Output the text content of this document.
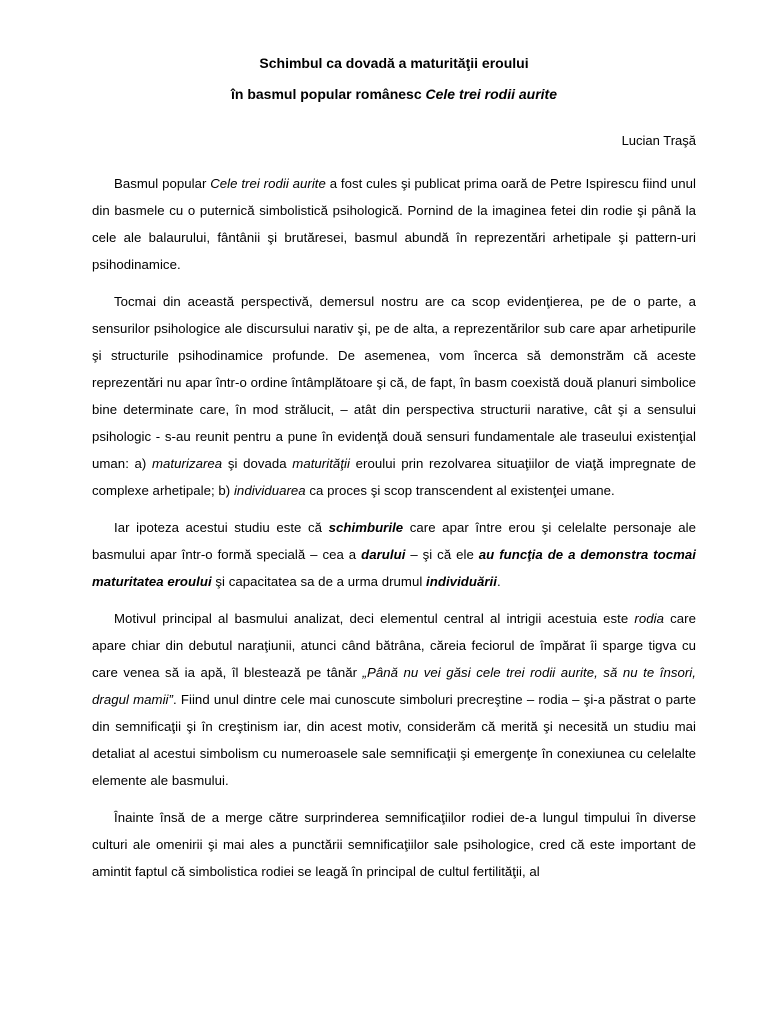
Schimbul ca dovadă a maturităţii eroului
în basmul popular românesc Cele trei rodii aurite
Lucian Traşă

Basmul popular Cele trei rodii aurite a fost cules şi publicat prima oară de Petre Ispirescu fiind unul din basmele cu o puternică simbolistică psihologică. Pornind de la imaginea fetei din rodie şi până la cele ale balaurului, fântânii şi brutăresei, basmul abundă în reprezentări arhetipale şi pattern-uri psihodinamice.

Tocmai din această perspectivă, demersul nostru are ca scop evidenţierea, pe de o parte, a sensurilor psihologice ale discursului narativ şi, pe de alta, a reprezentărilor sub care apar arhetipurile şi structurile psihodinamice profunde. De asemenea, vom încerca să demonstrăm că aceste reprezentări nu apar într-o ordine întâmplătoare şi că, de fapt, în basm coexistă două planuri simbolice bine determinate care, în mod strălucit, – atât din perspectiva structurii narative, cât şi a sensului psihologic - s-au reunit pentru a pune în evidenţă două sensuri fundamentale ale traseului existenţial uman: a) maturizarea şi dovada maturităţii eroului prin rezolvarea situaţiilor de viaţă impregnate de complexe arhetipale; b) individuarea ca proces şi scop transcendent al existenţei umane.

Iar ipoteza acestui studiu este că schimburile care apar între erou şi celelalte personaje ale basmului apar într-o formă specială – cea a darului – şi că ele au funcţia de a demonstra tocmai maturitatea eroului şi capacitatea sa de a urma drumul individuării.

Motivul principal al basmului analizat, deci elementul central al intrigii acestuia este rodia care apare chiar din debutul naraţiunii, atunci când bătrâna, căreia feciorul de împărat îi sparge tigva cu care venea să ia apă, îl blestează pe tânăr „Până nu vei găsi cele trei rodii aurite, să nu te însori, dragul mamii”. Fiind unul dintre cele mai cunoscute simboluri precreştine – rodia – şi-a păstrat o parte din semnificaţii şi în creştinism iar, din acest motiv, considerăm că merită şi necesită un studiu mai detaliat al acestui simbolism cu numeroasele sale semnificaţii şi emergenţe în conexiunea cu celelalte elemente ale basmului.

Înainte însă de a merge către surprinderea semnificaţiilor rodiei de-a lungul timpului în diverse culturi ale omenirii şi mai ales a punctării semnificaţiilor sale psihologice, cred că este important de amintit faptul că simbolistica rodiei se leagă în principal de cultul fertilităţii, al
